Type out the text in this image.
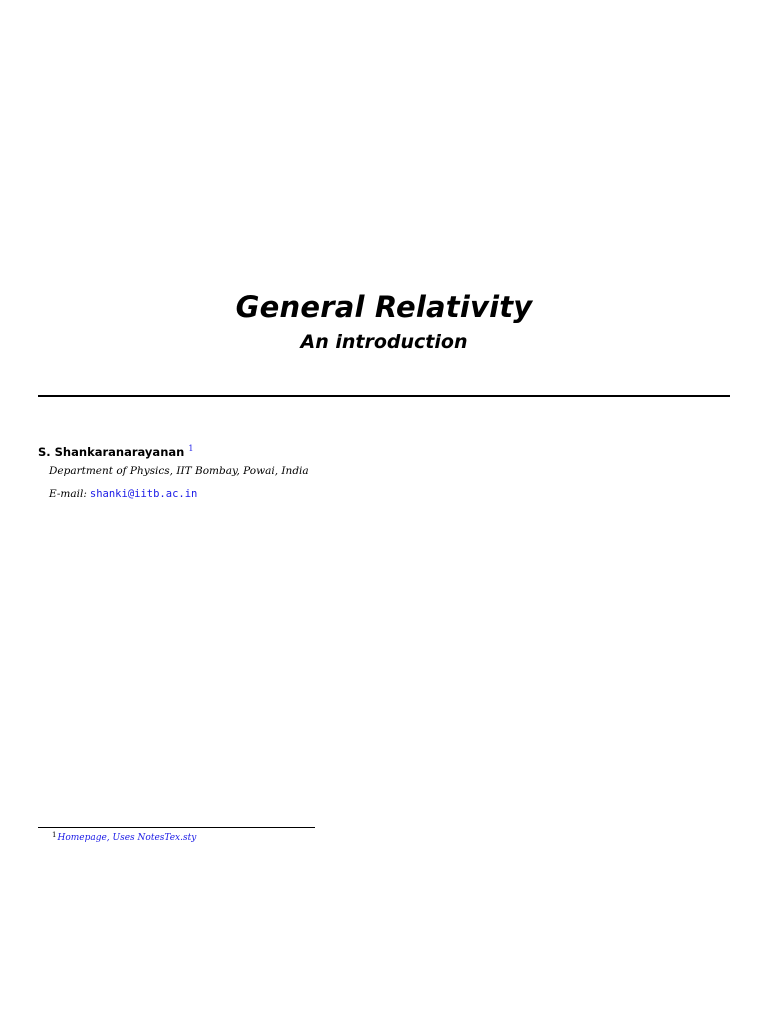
General Relativity
An introduction
S. Shankaranarayanan $^1$
Department of Physics, IIT Bombay, Powai, India
E-mail: shanki@iitb.ac.in
$^1$Homepage, Uses NotesTex.sty
